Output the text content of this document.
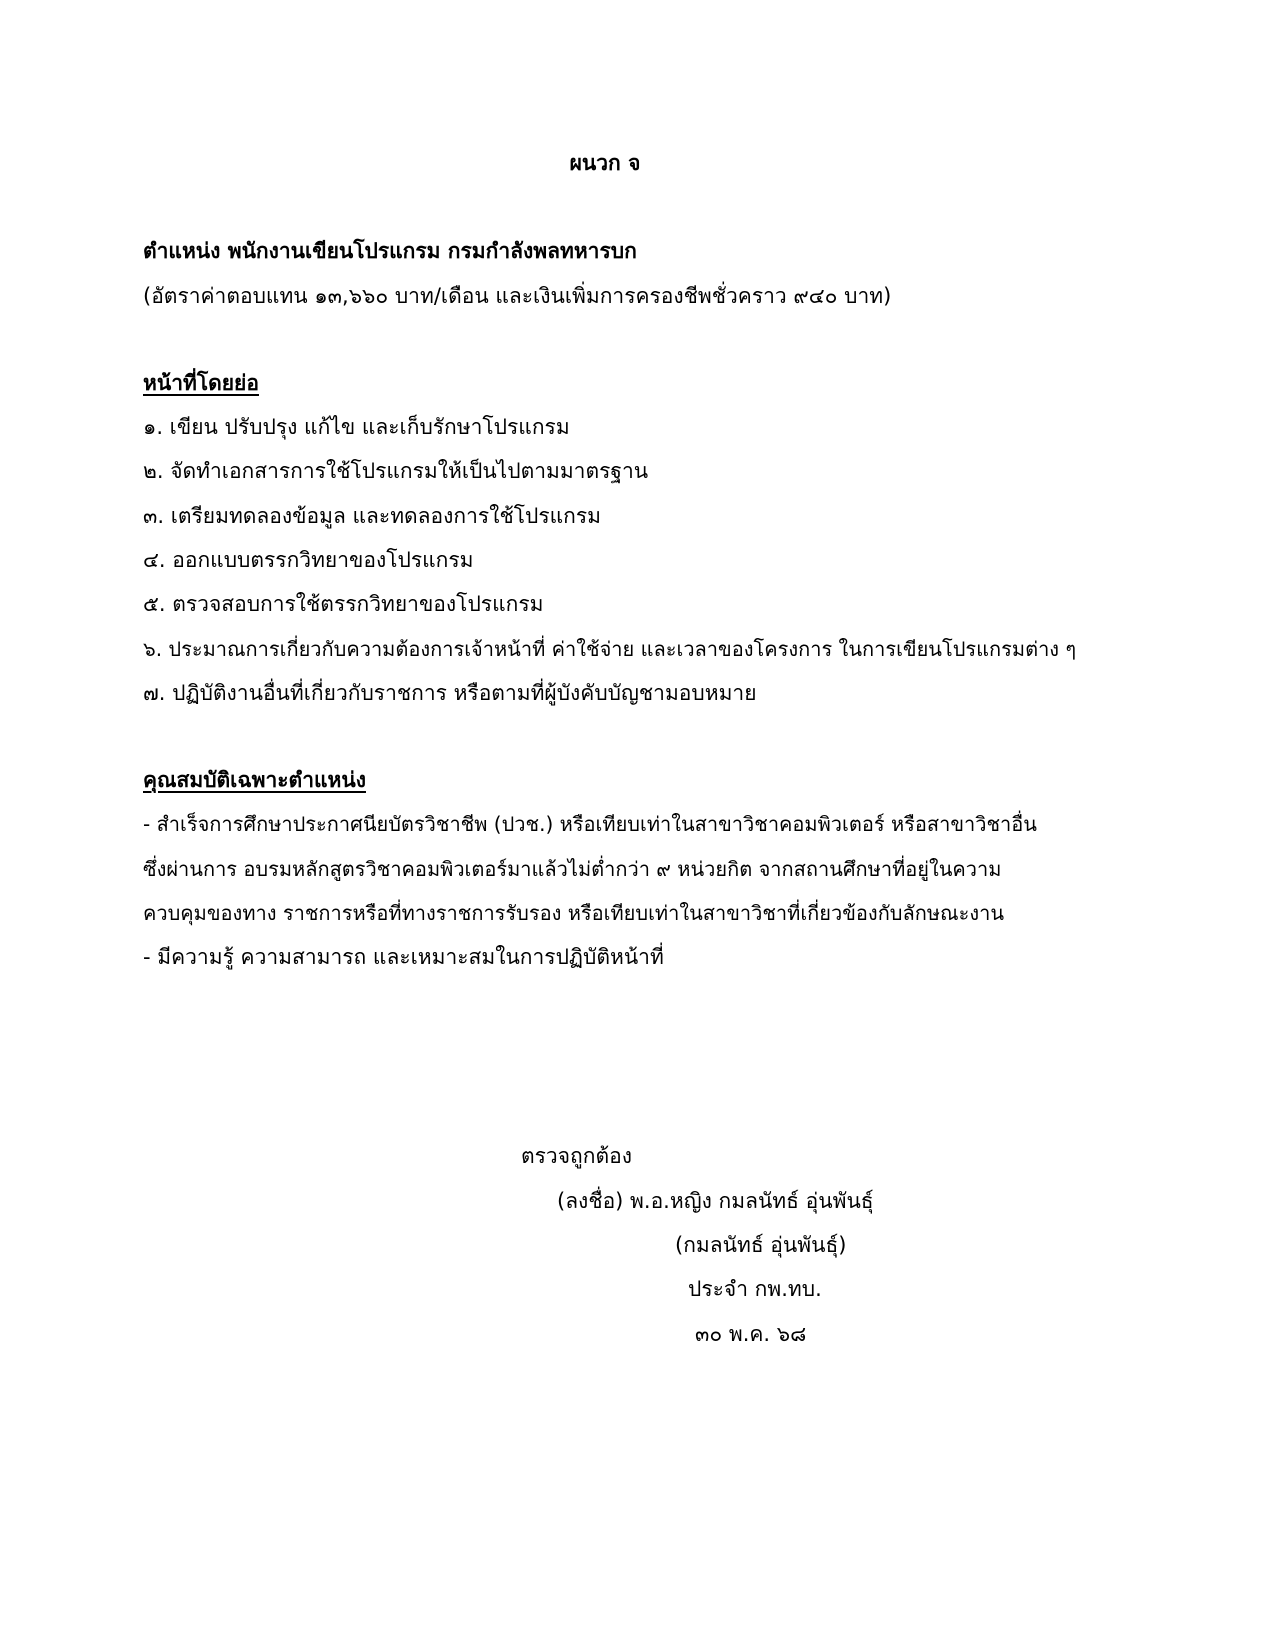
ผนวก จ
ตำแหน่ง พนักงานเขียนโปรแกรม กรมกำลังพลทหารบก
(อัตราค่าตอบแทน ๑๓,๖๖๐ บาท/เดือน และเงินเพิ่มการครองชีพชั่วคราว ๙๔๐ บาท)
หน้าที่โดยย่อ
๑. เขียน ปรับปรุง แก้ไข และเก็บรักษาโปรแกรม
๒. จัดทำเอกสารการใช้โปรแกรมให้เป็นไปตามมาตรฐาน
๓. เตรียมทดลองข้อมูล และทดลองการใช้โปรแกรม
๔. ออกแบบตรรกวิทยาของโปรแกรม
๕. ตรวจสอบการใช้ตรรกวิทยาของโปรแกรม
๖. ประมาณการเกี่ยวกับความต้องการเจ้าหน้าที่ ค่าใช้จ่าย และเวลาของโครงการ ในการเขียนโปรแกรมต่าง ๆ
๗. ปฏิบัติงานอื่นที่เกี่ยวกับราชการ หรือตามที่ผู้บังคับบัญชามอบหมาย
คุณสมบัติเฉพาะตำแหน่ง
- สำเร็จการศึกษาประกาศนียบัตรวิชาชีพ (ปวช.) หรือเทียบเท่าในสาขาวิชาคอมพิวเตอร์ หรือสาขาวิชาอื่น
ซึ่งผ่านการ อบรมหลักสูตรวิชาคอมพิวเตอร์มาแล้วไม่ต่ำกว่า ๙ หน่วยกิต จากสถานศึกษาที่อยู่ในความ
ควบคุมของทาง ราชการหรือที่ทางราชการรับรอง หรือเทียบเท่าในสาขาวิชาที่เกี่ยวข้องกับลักษณะงาน
- มีความรู้ ความสามารถ และเหมาะสมในการปฏิบัติหน้าที่
ตรวจถูกต้อง
(ลงชื่อ) พ.อ.หญิง กมลนัทธ์ อุ่นพันธุ์
(กมลนัทธ์ อุ่นพันธุ์)
ประจำ กพ.ทบ.
๓๐ พ.ค. ๖๘
